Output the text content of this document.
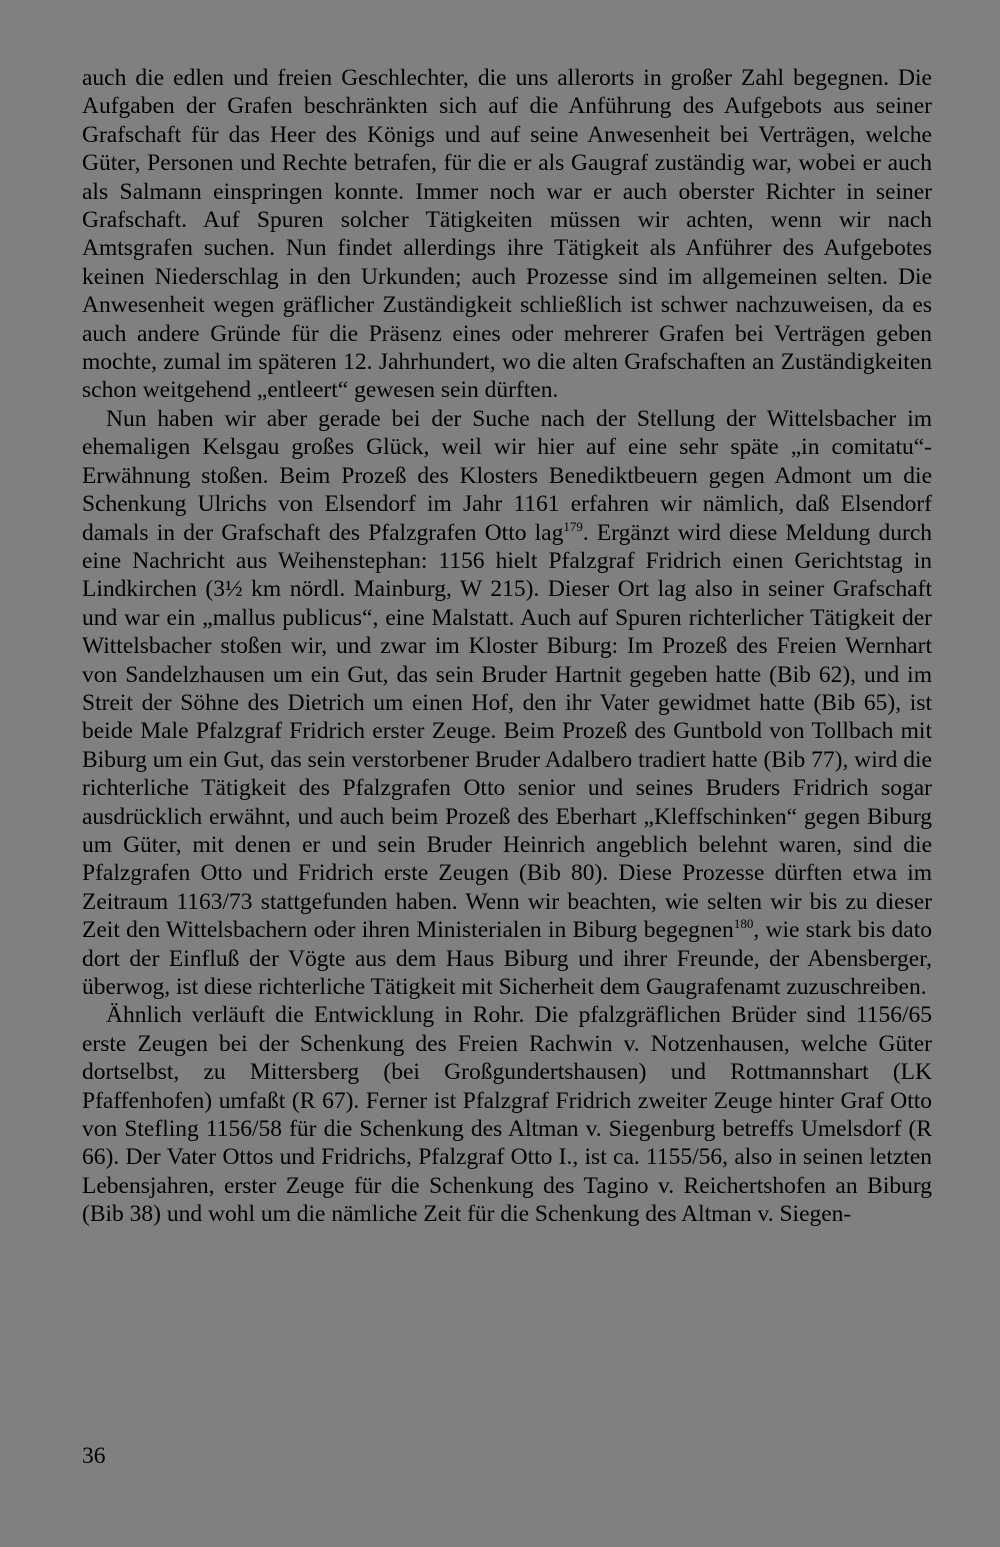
auch die edlen und freien Geschlechter, die uns allerorts in großer Zahl begegnen. Die Aufgaben der Grafen beschränkten sich auf die Anführung des Aufgebots aus seiner Grafschaft für das Heer des Königs und auf seine Anwesenheit bei Verträgen, welche Güter, Personen und Rechte betrafen, für die er als Gaugraf zuständig war, wobei er auch als Salmann einspringen konnte. Immer noch war er auch oberster Richter in seiner Grafschaft. Auf Spuren solcher Tätigkeiten müssen wir achten, wenn wir nach Amtsgrafen suchen. Nun findet allerdings ihre Tätigkeit als Anführer des Aufgebotes keinen Niederschlag in den Urkunden; auch Prozesse sind im allgemeinen selten. Die Anwesenheit wegen gräflicher Zuständigkeit schließlich ist schwer nachzuweisen, da es auch andere Gründe für die Präsenz eines oder mehrerer Grafen bei Verträgen geben mochte, zumal im späteren 12. Jahrhundert, wo die alten Grafschaften an Zuständigkeiten schon weitgehend „entleert“ gewesen sein dürften.

Nun haben wir aber gerade bei der Suche nach der Stellung der Wittelsbacher im ehemaligen Kelsgau großes Glück, weil wir hier auf eine sehr späte „in comitatu“-Erwähnung stoßen. Beim Prozeß des Klosters Benediktbeuern gegen Admont um die Schenkung Ulrichs von Elsendorf im Jahr 1161 erfahren wir nämlich, daß Elsendorf damals in der Grafschaft des Pfalzgrafen Otto lag$^{179}$. Ergänzt wird diese Meldung durch eine Nachricht aus Weihenstephan: 1156 hielt Pfalzgraf Fridrich einen Gerichtstag in Lindkirchen (3½ km nördl. Mainburg, W 215). Dieser Ort lag also in seiner Grafschaft und war ein „mallus publicus“, eine Malstatt. Auch auf Spuren richterlicher Tätigkeit der Wittelsbacher stoßen wir, und zwar im Kloster Biburg: Im Prozeß des Freien Wernhart von Sandelzhausen um ein Gut, das sein Bruder Hartnit gegeben hatte (Bib 62), und im Streit der Söhne des Dietrich um einen Hof, den ihr Vater gewidmet hatte (Bib 65), ist beide Male Pfalzgraf Fridrich erster Zeuge. Beim Prozeß des Guntbold von Tollbach mit Biburg um ein Gut, das sein verstorbener Bruder Adalbero tradiert hatte (Bib 77), wird die richterliche Tätigkeit des Pfalzgrafen Otto senior und seines Bruders Fridrich sogar ausdrücklich erwähnt, und auch beim Prozeß des Eberhart „Kleffschinken“ gegen Biburg um Güter, mit denen er und sein Bruder Heinrich angeblich belehnt waren, sind die Pfalzgrafen Otto und Fridrich erste Zeugen (Bib 80). Diese Prozesse dürften etwa im Zeitraum 1163/73 stattgefunden haben. Wenn wir beachten, wie selten wir bis zu dieser Zeit den Wittelsbachern oder ihren Ministerialen in Biburg begegnen$^{180}$, wie stark bis dato dort der Einfluß der Vögte aus dem Haus Biburg und ihrer Freunde, der Abensberger, überwog, ist diese richterliche Tätigkeit mit Sicherheit dem Gaugrafenamt zuzuschreiben.

Ähnlich verläuft die Entwicklung in Rohr. Die pfalzgräflichen Brüder sind 1156/65 erste Zeugen bei der Schenkung des Freien Rachwin v. Notzenhausen, welche Güter dortselbst, zu Mittersberg (bei Großgundertshausen) und Rottmannshart (LK Pfaffenhofen) umfaßt (R 67). Ferner ist Pfalzgraf Fridrich zweiter Zeuge hinter Graf Otto von Stefling 1156/58 für die Schenkung des Altman v. Siegenburg betreffs Umelsdorf (R 66). Der Vater Ottos und Fridrichs, Pfalzgraf Otto I., ist ca. 1155/56, also in seinen letzten Lebensjahren, erster Zeuge für die Schenkung des Tagino v. Reichertshofen an Biburg (Bib 38) und wohl um die nämliche Zeit für die Schenkung des Altman v. Siegen-

36
